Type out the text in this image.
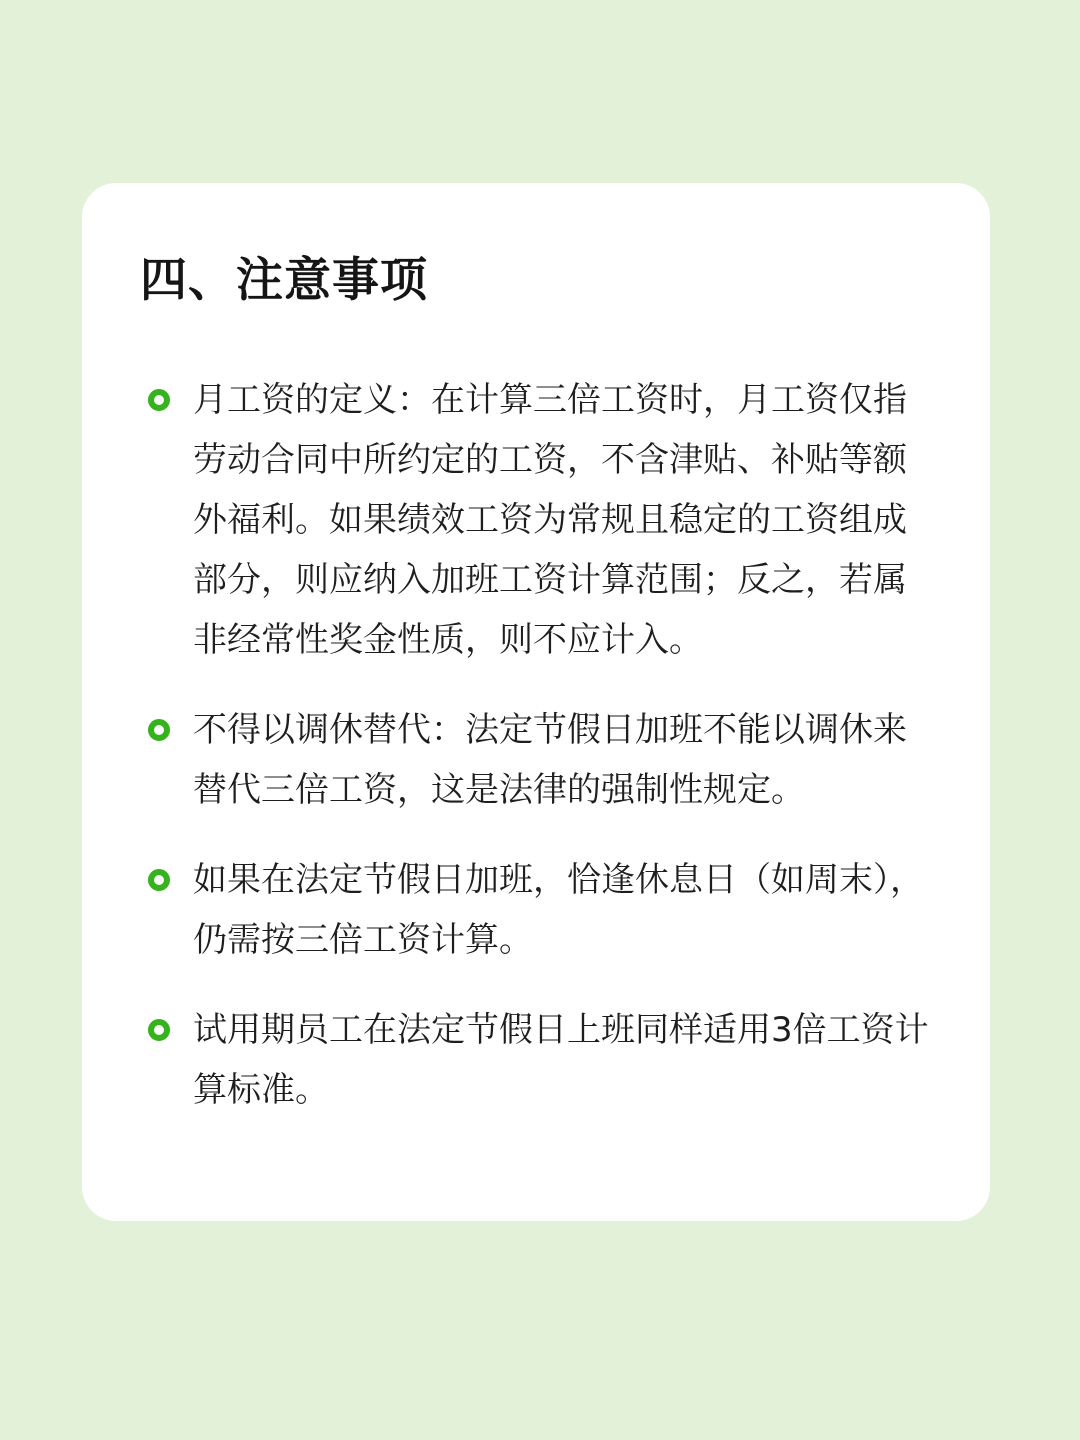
四、注意事项
月工资的定义：在计算三倍工资时，月工资仅指劳动合同中所约定的工资，不含津贴、补贴等额外福利。如果绩效工资为常规且稳定的工资组成部分，则应纳入加班工资计算范围；反之，若属非经常性奖金性质，则不应计入。
不得以调休替代：法定节假日加班不能以调休来替代三倍工资，这是法律的强制性规定。
如果在法定节假日加班，恰逢休息日（如周末），仍需按三倍工资计算。
试用期员工在法定节假日上班同样适用3倍工资计算标准。
